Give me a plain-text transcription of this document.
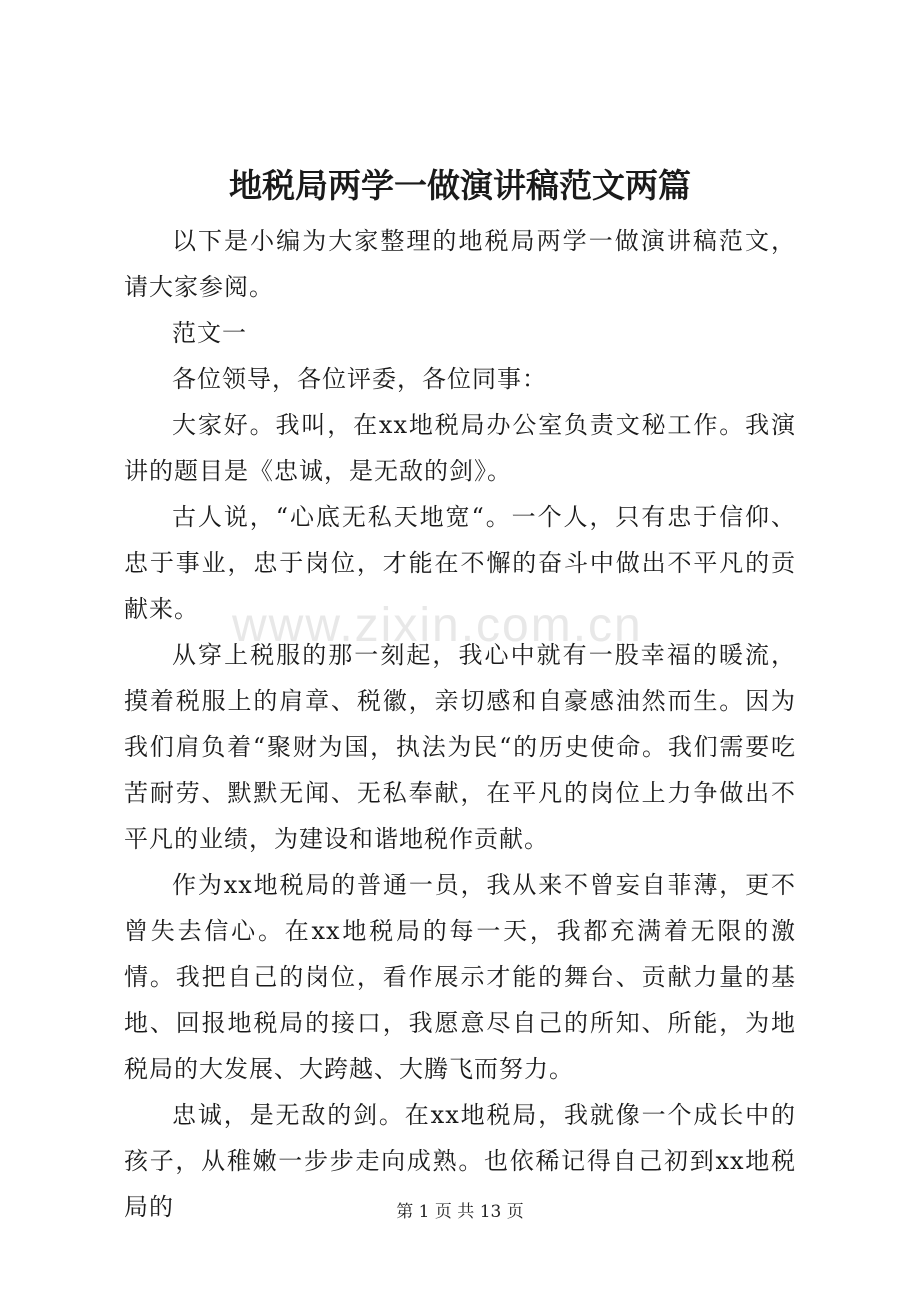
www.zixin.com.cn
地税局两学一做演讲稿范文两篇

以下是小编为大家整理的地税局两学一做演讲稿范文，请大家参阅。

范文一

各位领导，各位评委，各位同事：

大家好。我叫，在xx地税局办公室负责文秘工作。我演讲的题目是《忠诚，是无敌的剑》。

古人说，“心底无私天地宽“。一个人，只有忠于信仰、忠于事业，忠于岗位，才能在不懈的奋斗中做出不平凡的贡献来。

从穿上税服的那一刻起，我心中就有一股幸福的暖流，摸着税服上的肩章、税徽，亲切感和自豪感油然而生。因为我们肩负着“聚财为国，执法为民“的历史使命。我们需要吃苦耐劳、默默无闻、无私奉献，在平凡的岗位上力争做出不平凡的业绩，为建设和谐地税作贡献。

作为xx地税局的普通一员，我从来不曾妄自菲薄，更不曾失去信心。在xx地税局的每一天，我都充满着无限的激情。我把自己的岗位，看作展示才能的舞台、贡献力量的基地、回报地税局的接口，我愿意尽自己的所知、所能，为地税局的大发展、大跨越、大腾飞而努力。

忠诚，是无敌的剑。在xx地税局，我就像一个成长中的孩子，从稚嫩一步步走向成熟。也依稀记得自己初到xx地税局的	第 1 页 共 13 页
